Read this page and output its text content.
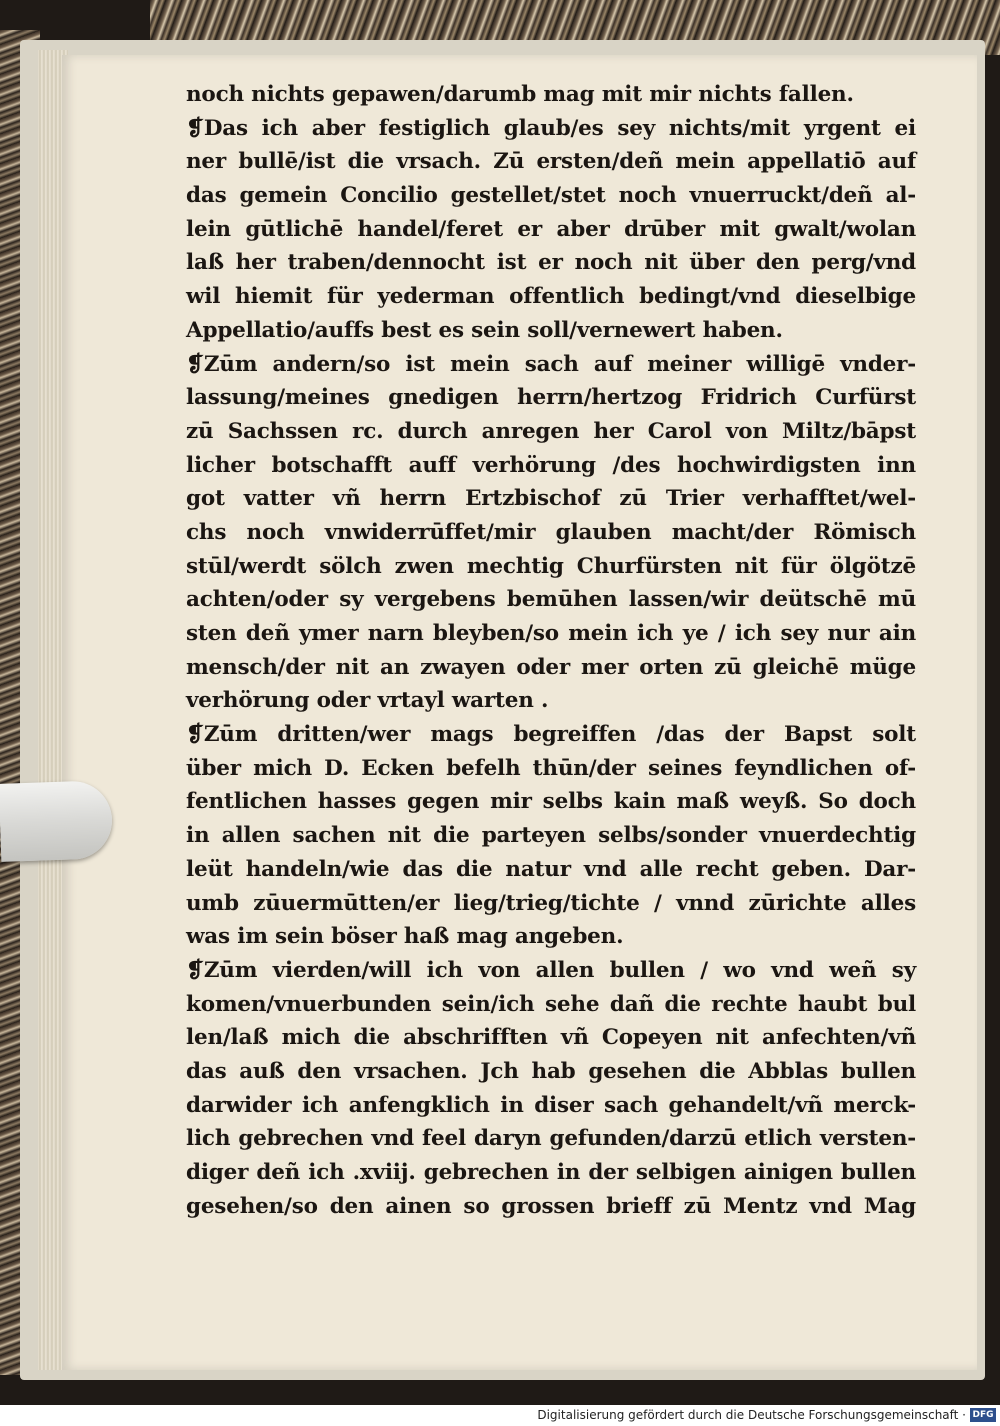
noch nichts gepawen/darumb mag mit mir nichts fallen.
❡Das ich aber festiglich glaub/es sey nichts/mit yrgent ei
ner bullē/ist die vrsach. Zū ersten/deñ mein appellatiō auf
das gemein Concilio gestellet/stet noch vnuerruckt/deñ al-
lein gūtlichē handel/feret er aber drūber mit gwalt/wolan
laß her traben/dennocht ist er noch nit über den perg/vnd
wil hiemit für yederman offentlich bedingt/vnd dieselbige
Appellatio/auffs best es sein soll/vernewert haben.
❡Zūm andern/so ist mein sach auf meiner willigē vnder-
lassung/meines gnedigen herrn/hertzog Fridrich Curfürst
zū Sachssen rc. durch anregen her Carol von Miltz/bāpst
licher botschafft auff verhörung /des hochwirdigsten inn
got vatter vñ herrn Ertzbischof zū Trier verhafftet/wel-
chs noch vnwiderrūffet/mir glauben macht/der Römisch
stūl/werdt sölch zwen mechtig Churfürsten nit für ölgötzē
achten/oder sy vergebens bemūhen lassen/wir deütschē mū
sten deñ ymer narn bleyben/so mein ich ye / ich sey nur ain
mensch/der nit an zwayen oder mer orten zū gleichē müge
verhörung oder vrtayl warten .
❡Zūm dritten/wer mags begreiffen /das der Bapst solt
über mich D. Ecken befelh thūn/der seines feyndlichen of-
fentlichen hasses gegen mir selbs kain maß weyß. So doch
in allen sachen nit die parteyen selbs/sonder vnuerdechtig
leüt handeln/wie das die natur vnd alle recht geben. Dar-
umb zūuermūtten/er lieg/trieg/tichte / vnnd zūrichte alles
was im sein böser haß mag angeben.
❡Zūm vierden/will ich von allen bullen / wo vnd weñ sy
komen/vnuerbunden sein/ich sehe dañ die rechte haubt bul
len/laß mich die abschrifften vñ Copeyen nit anfechten/vñ
das auß den vrsachen. Jch hab gesehen die Abblas bullen
darwider ich anfengklich in diser sach gehandelt/vñ merck-
lich gebrechen vnd feel daryn gefunden/darzū etlich versten-
diger deñ ich .xviij. gebrechen in der selbigen ainigen bullen
gesehen/so den ainen so grossen brieff zū Mentz vnd Mag
Digitalisierung gefördert durch die Deutsche Forschungsgemeinschaft · DFG
